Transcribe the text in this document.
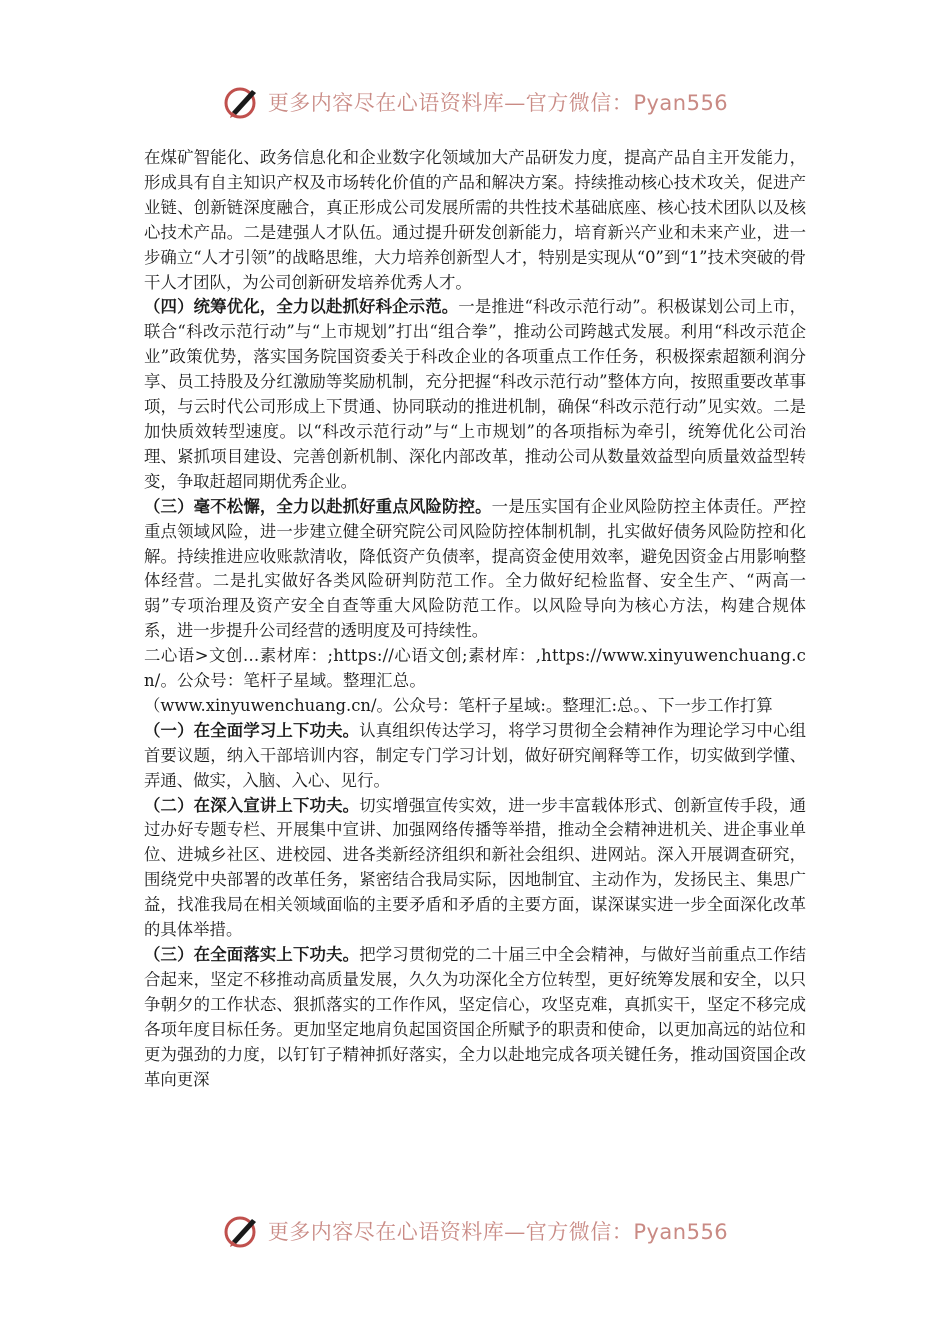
更多内容尽在心语资料库—官方微信：Pyan556

在煤矿智能化、政务信息化和企业数字化领域加大产品研发力度，提高产品自主开发能力，形成具有自主知识产权及市场转化价值的产品和解决方案。持续推动核心技术攻关，促进产业链、创新链深度融合，真正形成公司发展所需的共性技术基础底座、核心技术团队以及核心技术产品。二是建强人才队伍。通过提升研发创新能力，培育新兴产业和未来产业，进一步确立“人才引领”的战略思维，大力培养创新型人才，特别是实现从“0”到“1”技术突破的骨干人才团队，为公司创新研发培养优秀人才。

（四）统筹优化，全力以赴抓好科企示范。一是推进“科改示范行动”。积极谋划公司上市，联合“科改示范行动”与“上市规划”打出“组合拳”，推动公司跨越式发展。利用“科改示范企业”政策优势，落实国务院国资委关于科改企业的各项重点工作任务，积极探索超额利润分享、员工持股及分红激励等奖励机制，充分把握“科改示范行动”整体方向，按照重要改革事项，与云时代公司形成上下贯通、协同联动的推进机制，确保“科改示范行动”见实效。二是加快质效转型速度。以“科改示范行动”与“上市规划”的各项指标为牵引，统筹优化公司治理、紧抓项目建设、完善创新机制、深化内部改革，推动公司从数量效益型向质量效益型转变，争取赶超同期优秀企业。

（三）毫不松懈，全力以赴抓好重点风险防控。一是压实国有企业风险防控主体责任。严控重点领域风险，进一步建立健全研究院公司风险防控体制机制，扎实做好债务风险防控和化解。持续推进应收账款清收，降低资产负债率，提高资金使用效率，避免因资金占用影响整体经营。二是扎实做好各类风险研判防范工作。全力做好纪检监督、安全生产、“两高一弱”专项治理及资产安全自查等重大风险防范工作。以风险导向为核心方法，构建合规体系，进一步提升公司经营的透明度及可持续性。

二心语>文创…素材库：;https://心语文创;素材库：,https://www.xinyuwenchuang.cn/。公众号：笔杆子星域。整理汇总。

（www.xinyuwenchuang.cn/。公众号：笔杆子星域:。整理汇:总。、下一步工作打算

（一）在全面学习上下功夫。认真组织传达学习，将学习贯彻全会精神作为理论学习中心组首要议题，纳入干部培训内容，制定专门学习计划，做好研究阐释等工作，切实做到学懂、弄通、做实，入脑、入心、见行。

（二）在深入宣讲上下功夫。切实增强宣传实效，进一步丰富载体形式、创新宣传手段，通过办好专题专栏、开展集中宣讲、加强网络传播等举措，推动全会精神进机关、进企事业单位、进城乡社区、进校园、进各类新经济组织和新社会组织、进网站。深入开展调查研究，围绕党中央部署的改革任务，紧密结合我局实际，因地制宜、主动作为，发扬民主、集思广益，找准我局在相关领域面临的主要矛盾和矛盾的主要方面，谋深谋实进一步全面深化改革的具体举措。

（三）在全面落实上下功夫。把学习贯彻党的二十届三中全会精神，与做好当前重点工作结合起来，坚定不移推动高质量发展，久久为功深化全方位转型，更好统筹发展和安全，以只争朝夕的工作状态、狠抓落实的工作作风，坚定信心，攻坚克难，真抓实干，坚定不移完成各项年度目标任务。更加坚定地肩负起国资国企所赋予的职责和使命，以更加高远的站位和更为强劲的力度，以钉钉子精神抓好落实，全力以赴地完成各项关键任务，推动国资国企改革向更深

更多内容尽在心语资料库—官方微信：Pyan556
